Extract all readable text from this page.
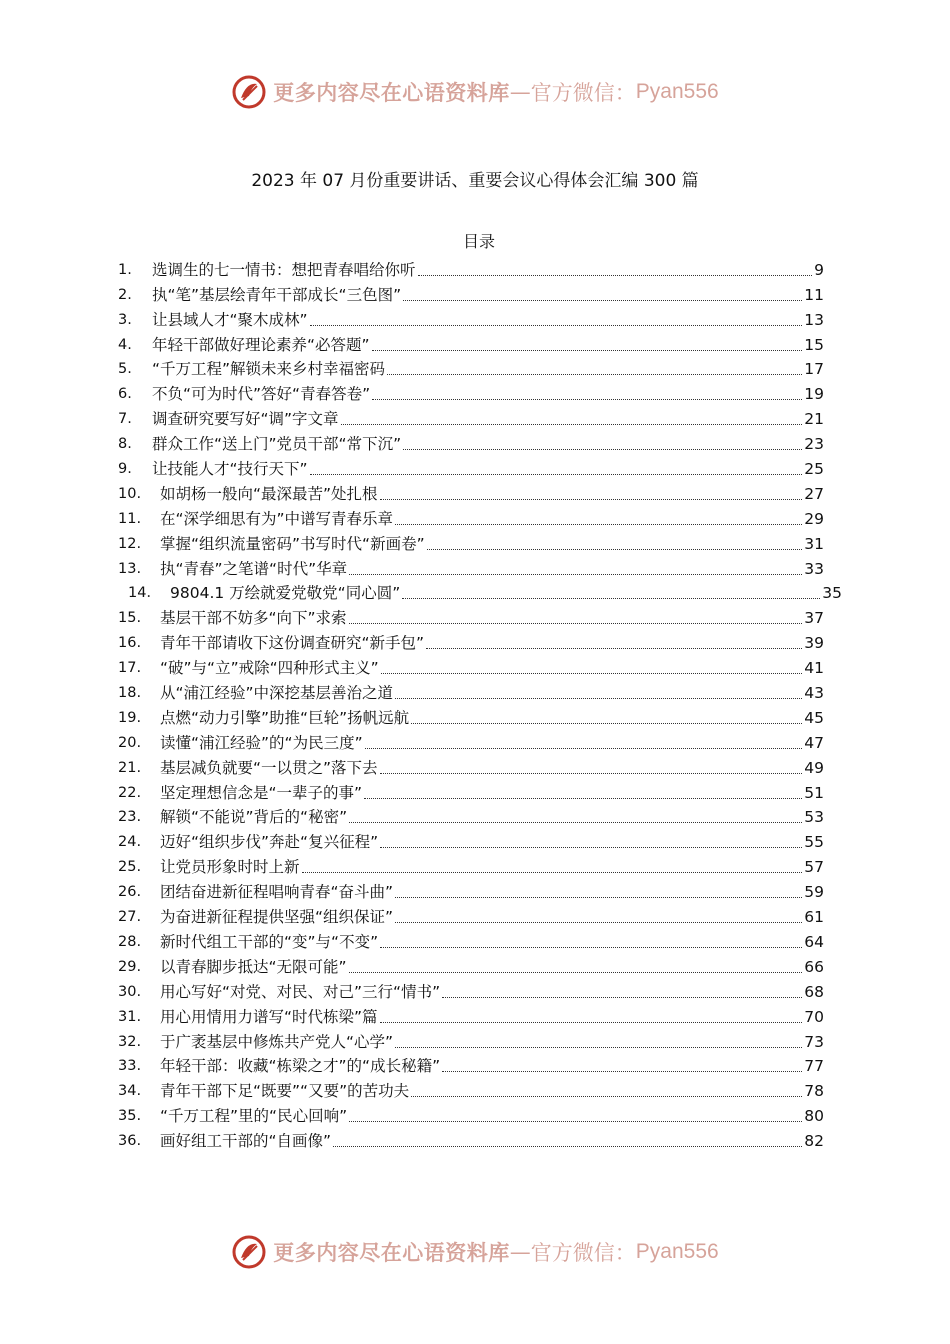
更多内容尽在心语资料库 — 官方微信： Pyan556
2023 年 07 月份重要讲话、重要会议心得体会汇编 300 篇
目录
1.	选调生的七一情书：想把青春唱给你听	9
2.	执“笔”基层绘青年干部成长“三色图”	11
3.	让县域人才“聚木成林”	13
4.	年轻干部做好理论素养“必答题”	15
5.	“千万工程”解锁未来乡村幸福密码	17
6.	不负“可为时代”答好“青春答卷”	19
7.	调查研究要写好“调”字文章	21
8.	群众工作“送上门”党员干部“常下沉”	23
9.	让技能人才“技行天下”	25
10.	如胡杨一般向“最深最苦”处扎根	27
11.	在“深学细思有为”中谱写青春乐章	29
12.	掌握“组织流量密码”书写时代“新画卷”	31
13.	执“青春”之笔谱“时代”华章	33
14． 9804.1 万绘就爱党敬党“同心圆”	35
15.	基层干部不妨多“向下”求索	37
16.	青年干部请收下这份调查研究“新手包”	39
17.	“破”与“立”戒除“四种形式主义”	41
18.	从“浦江经验”中深挖基层善治之道	43
19.	点燃“动力引擎”助推“巨轮”扬帆远航	45
20.	读懂“浦江经验”的“为民三度”	47
21.	基层减负就要“一以贯之”落下去	49
22.	坚定理想信念是“一辈子的事”	51
23.	解锁“不能说”背后的“秘密”	53
24.	迈好“组织步伐”奔赴“复兴征程”	55
25.	让党员形象时时上新	57
26.	团结奋进新征程唱响青春“奋斗曲”	59
27.	为奋进新征程提供坚强“组织保证”	61
28.	新时代组工干部的“变”与“不变”	64
29.	以青春脚步抵达“无限可能”	66
30.	用心写好“对党、对民、对己”三行“情书”	68
31.	用心用情用力谱写“时代栋梁”篇	70
32.	于广袤基层中修炼共产党人“心学”	73
33.	年轻干部：收藏“栋梁之才”的“成长秘籍”	77
34.	青年干部下足“既要”“又要”的苦功夫	78
35.	“千万工程”里的“民心回响”	80
36.	画好组工干部的“自画像”	82
更多内容尽在心语资料库 — 官方微信： Pyan556
